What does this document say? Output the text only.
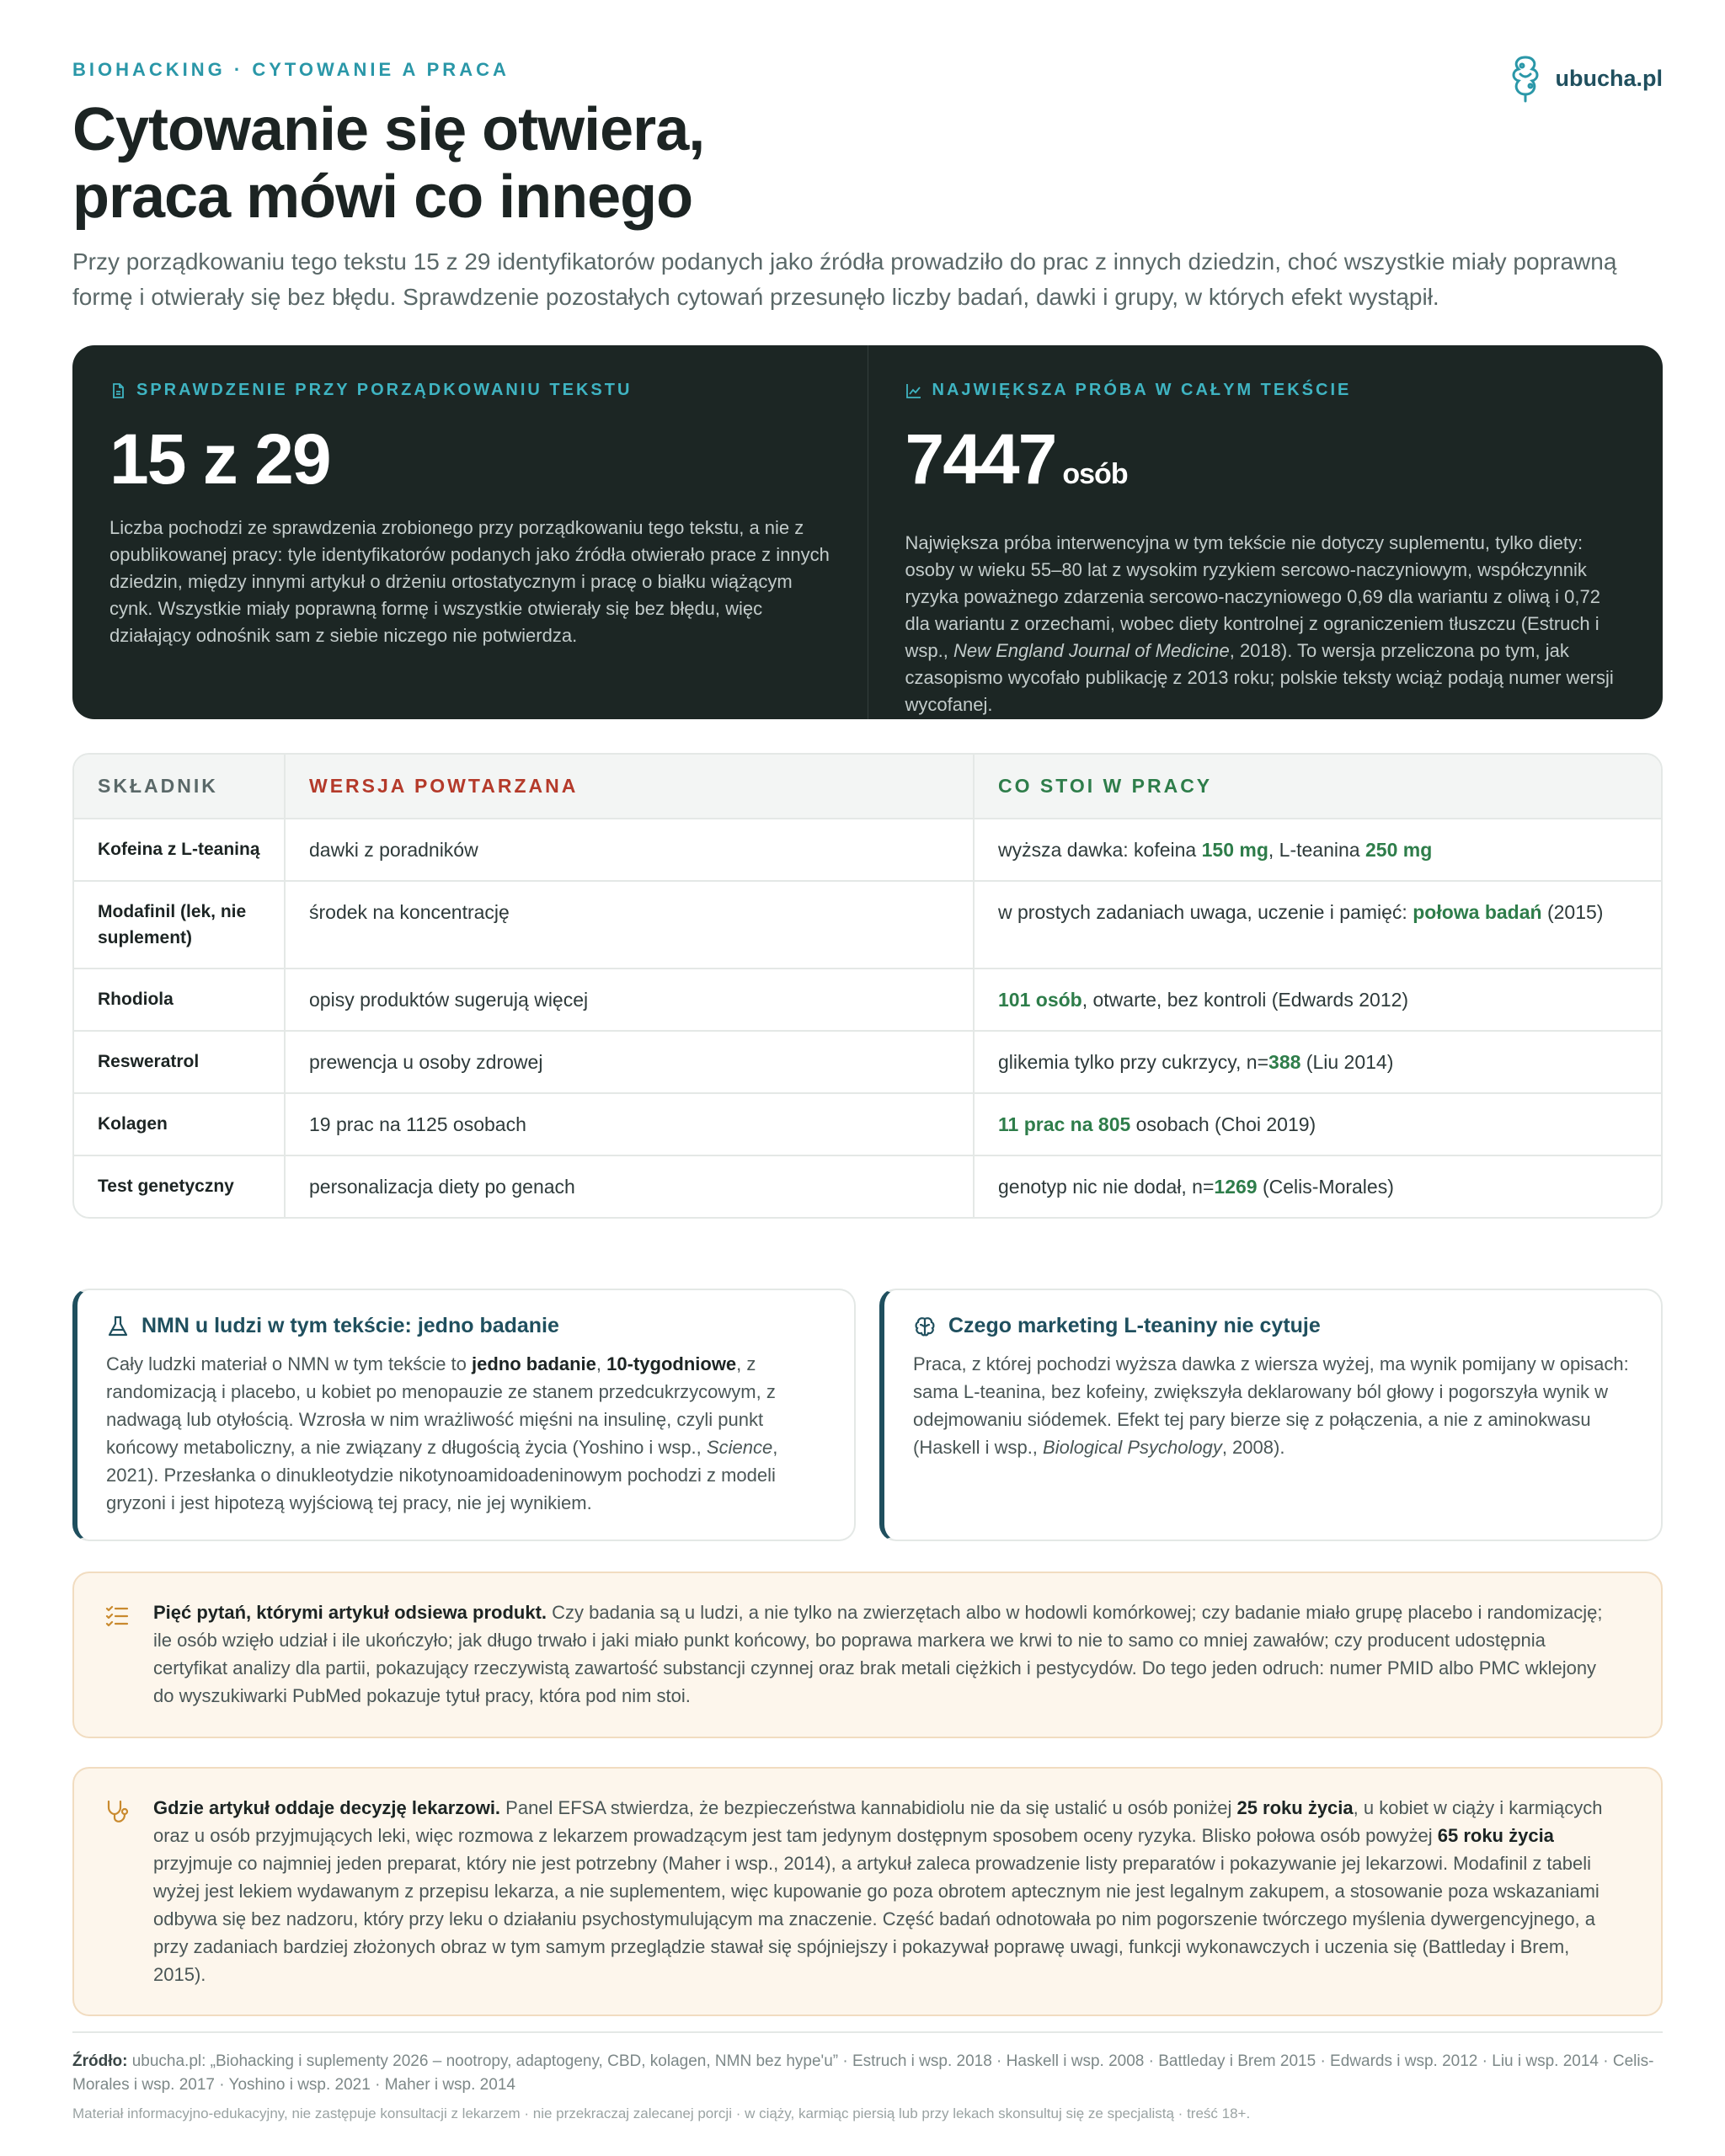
BIOHACKING · CYTOWANIE A PRACA	ubucha.pl
Cytowanie się otwiera,
praca mówi co innego

Przy porządkowaniu tego tekstu 15 z 29 identyfikatorów podanych jako źródła prowadziło do prac z innych dziedzin, choć wszystkie miały poprawną formę i otwierały się bez błędu. Sprawdzenie pozostałych cytowań przesunęło liczby badań, dawki i grupy, w których efekt wystąpił.

SPRAWDZENIE PRZY PORZĄDKOWANIU TEKSTU
15 z 29

Liczba pochodzi ze sprawdzenia zrobionego przy porządkowaniu tego tekstu, a nie z opublikowanej pracy: tyle identyfikatorów podanych jako źródła otwierało prace z innych dziedzin, między innymi artykuł o drżeniu ortostatycznym i pracę o białku wiążącym cynk. Wszystkie miały poprawną formę i wszystkie otwierały się bez błędu, więc działający odnośnik sam z siebie niczego nie potwierdza.

NAJWIĘKSZA PRÓBA W CAŁYM TEKŚCIE
7447 osób

Największa próba interwencyjna w tym tekście nie dotyczy suplementu, tylko diety: osoby w wieku 55–80 lat z wysokim ryzykiem sercowo-naczyniowym, współczynnik ryzyka poważnego zdarzenia sercowo-naczyniowego 0,69 dla wariantu z oliwą i 0,72 dla wariantu z orzechami, wobec diety kontrolnej z ograniczeniem tłuszczu (Estruch i wsp., New England Journal of Medicine, 2018). To wersja przeliczona po tym, jak czasopismo wycofało publikację z 2013 roku; polskie teksty wciąż podają numer wersji wycofanej.

SKŁADNIK	WERSJA POWTARZANA	CO STOI W PRACY
Kofeina z L-teaniną	dawki z poradników	wyższa dawka: kofeina 150 mg, L-teanina 250 mg
Modafinil (lek, nie suplement)	środek na koncentrację	w prostych zadaniach uwaga, uczenie i pamięć: połowa badań (2015)
Rhodiola	opisy produktów sugerują więcej	101 osób, otwarte, bez kontroli (Edwards 2012)
Resweratrol	prewencja u osoby zdrowej	glikemia tylko przy cukrzycy, n=388 (Liu 2014)
Kolagen	19 prac na 1125 osobach	11 prac na 805 osobach (Choi 2019)
Test genetyczny	personalizacja diety po genach	genotyp nic nie dodał, n=1269 (Celis-Morales)
NMN u ludzi w tym tekście: jedno badanie

Cały ludzki materiał o NMN w tym tekście to jedno badanie, 10-tygodniowe, z randomizacją i placebo, u kobiet po menopauzie ze stanem przedcukrzycowym, z nadwagą lub otyłością. Wzrosła w nim wrażliwość mięśni na insulinę, czyli punkt końcowy metaboliczny, a nie związany z długością życia (Yoshino i wsp., Science, 2021). Przesłanka o dinukleotydzie nikotynoamidoadeninowym pochodzi z modeli gryzoni i jest hipotezą wyjściową tej pracy, nie jej wynikiem.

Czego marketing L-teaniny nie cytuje

Praca, z której pochodzi wyższa dawka z wiersza wyżej, ma wynik pomijany w opisach: sama L-teanina, bez kofeiny, zwiększyła deklarowany ból głowy i pogorszyła wynik w odejmowaniu siódemek. Efekt tej pary bierze się z połączenia, a nie z aminokwasu (Haskell i wsp., Biological Psychology, 2008).

Pięć pytań, którymi artykuł odsiewa produkt. Czy badania są u ludzi, a nie tylko na zwierzętach albo w hodowli komórkowej; czy badanie miało grupę placebo i randomizację; ile osób wzięło udział i ile ukończyło; jak długo trwało i jaki miało punkt końcowy, bo poprawa markera we krwi to nie to samo co mniej zawałów; czy producent udostępnia certyfikat analizy dla partii, pokazujący rzeczywistą zawartość substancji czynnej oraz brak metali ciężkich i pestycydów. Do tego jeden odruch: numer PMID albo PMC wklejony do wyszukiwarki PubMed pokazuje tytuł pracy, która pod nim stoi.

Gdzie artykuł oddaje decyzję lekarzowi. Panel EFSA stwierdza, że bezpieczeństwa kannabidiolu nie da się ustalić u osób poniżej 25 roku życia, u kobiet w ciąży i karmiących oraz u osób przyjmujących leki, więc rozmowa z lekarzem prowadzącym jest tam jedynym dostępnym sposobem oceny ryzyka. Blisko połowa osób powyżej 65 roku życia przyjmuje co najmniej jeden preparat, który nie jest potrzebny (Maher i wsp., 2014), a artykuł zaleca prowadzenie listy preparatów i pokazywanie jej lekarzowi. Modafinil z tabeli wyżej jest lekiem wydawanym z przepisu lekarza, a nie suplementem, więc kupowanie go poza obrotem aptecznym nie jest legalnym zakupem, a stosowanie poza wskazaniami odbywa się bez nadzoru, który przy leku o działaniu psychostymulującym ma znaczenie. Część badań odnotowała po nim pogorszenie twórczego myślenia dywergencyjnego, a przy zadaniach bardziej złożonych obraz w tym samym przeglądzie stawał się spójniejszy i pokazywał poprawę uwagi, funkcji wykonawczych i uczenia się (Battleday i Brem, 2015).

Źródło: ubucha.pl: „Biohacking i suplementy 2026 – nootropy, adaptogeny, CBD, kolagen, NMN bez hype'u” · Estruch i wsp. 2018 · Haskell i wsp. 2008 · Battleday i Brem 2015 · Edwards i wsp. 2012 · Liu i wsp. 2014 · Celis-Morales i wsp. 2017 · Yoshino i wsp. 2021 · Maher i wsp. 2014

Materiał informacyjno-edukacyjny, nie zastępuje konsultacji z lekarzem · nie przekraczaj zalecanej porcji · w ciąży, karmiąc piersią lub przy lekach skonsultuj się ze specjalistą · treść 18+.
